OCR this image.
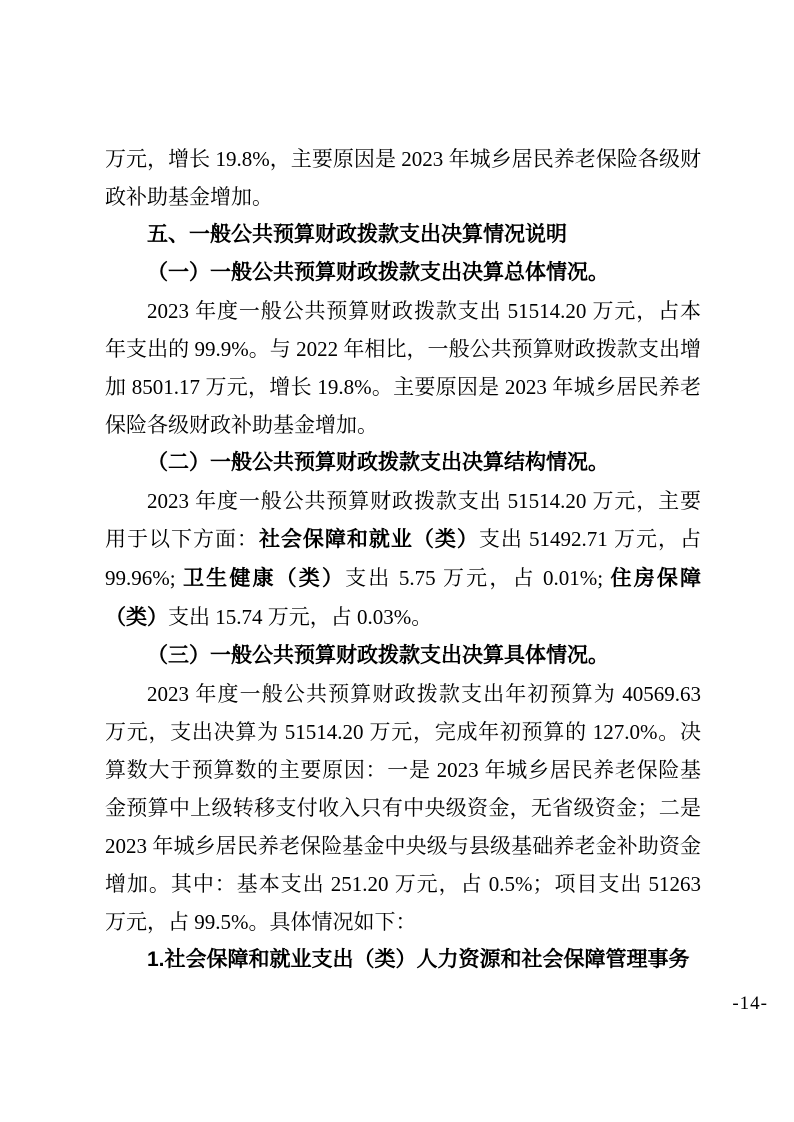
万元，增长 19.8%，主要原因是 2023 年城乡居民养老保险各级财政补助基金增加。

五、一般公共预算财政拨款支出决算情况说明

（一）一般公共预算财政拨款支出决算总体情况。

2023 年度一般公共预算财政拨款支出 51514.20 万元，占本年支出的 99.9%。与 2022 年相比，一般公共预算财政拨款支出增加 8501.17 万元，增长 19.8%。主要原因是 2023 年城乡居民养老保险各级财政补助基金增加。

（二）一般公共预算财政拨款支出决算结构情况。

2023 年度一般公共预算财政拨款支出 51514.20 万元，主要用于以下方面：社会保障和就业（类）支出 51492.71 万元，占 99.96%; 卫生健康（类）支出 5.75 万元，占 0.01%; 住房保障（类）支出 15.74 万元，占 0.03%。

（三）一般公共预算财政拨款支出决算具体情况。

2023 年度一般公共预算财政拨款支出年初预算为 40569.63 万元，支出决算为 51514.20 万元，完成年初预算的 127.0%。决算数大于预算数的主要原因：一是 2023 年城乡居民养老保险基金预算中上级转移支付收入只有中央级资金，无省级资金；二是 2023 年城乡居民养老保险基金中央级与县级基础养老金补助资金增加。其中：基本支出 251.20 万元，占 0.5%；项目支出 51263 万元，占 99.5%。具体情况如下：

1.社会保障和就业支出（类）人力资源和社会保障管理事务

-14-
